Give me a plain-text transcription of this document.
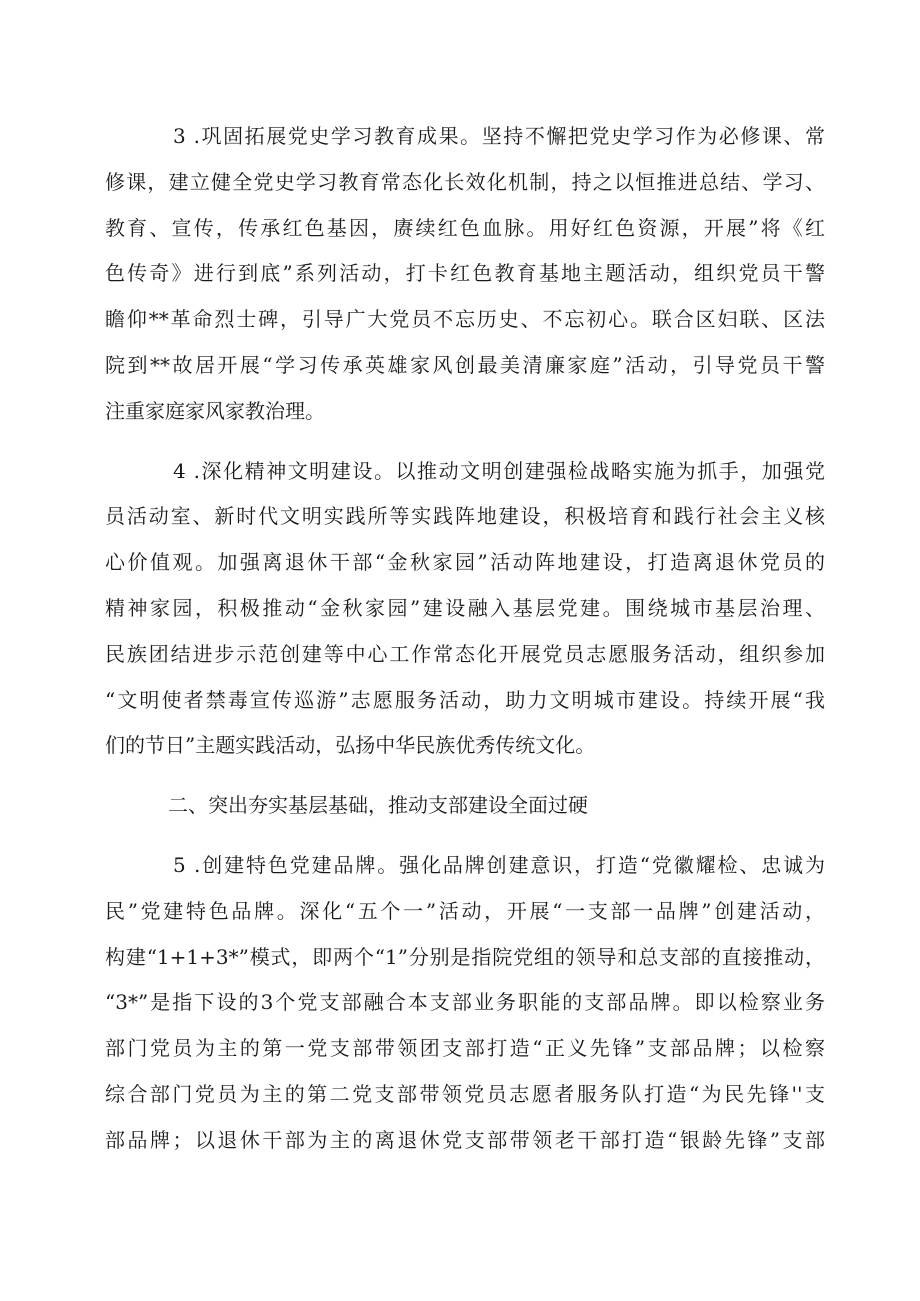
3 .巩固拓展党史学习教育成果。坚持不懈把党史学习作为必修课、常
修课，建立健全党史学习教育常态化长效化机制，持之以恒推进总结、学习、
教育、宣传，传承红色基因，赓续红色血脉。用好红色资源，开展”将《红
色传奇》进行到底”系列活动，打卡红色教育基地主题活动，组织党员干警
瞻仰**革命烈士碑，引导广大党员不忘历史、不忘初心。联合区妇联、区法
院到**故居开展“学习传承英雄家风创最美清廉家庭”活动，引导党员干警
注重家庭家风家教治理。
4 .深化精神文明建设。以推动文明创建强检战略实施为抓手，加强党
员活动室、新时代文明实践所等实践阵地建设，积极培育和践行社会主义核
心价值观。加强离退休干部“金秋家园”活动阵地建设，打造离退休党员的
精神家园，积极推动“金秋家园”建设融入基层党建。围绕城市基层治理、
民族团结进步示范创建等中心工作常态化开展党员志愿服务活动，组织参加
“文明使者禁毒宣传巡游”志愿服务活动，助力文明城市建设。持续开展“我
们的节日”主题实践活动，弘扬中华民族优秀传统文化。
二、突出夯实基层基础，推动支部建设全面过硬
5 .创建特色党建品牌。强化品牌创建意识，打造“党徽耀检、忠诚为
民”党建特色品牌。深化“五个一”活动，开展“一支部一品牌”创建活动，
构建“1+1+3*”模式，即两个“1”分别是指院党组的领导和总支部的直接推动，
“3*”是指下设的3个党支部融合本支部业务职能的支部品牌。即以检察业务
部门党员为主的第一党支部带领团支部打造“正义先锋”支部品牌；以检察
综合部门党员为主的第二党支部带领党员志愿者服务队打造“为民先锋''支
部品牌；以退休干部为主的离退休党支部带领老干部打造“银龄先锋”支部
